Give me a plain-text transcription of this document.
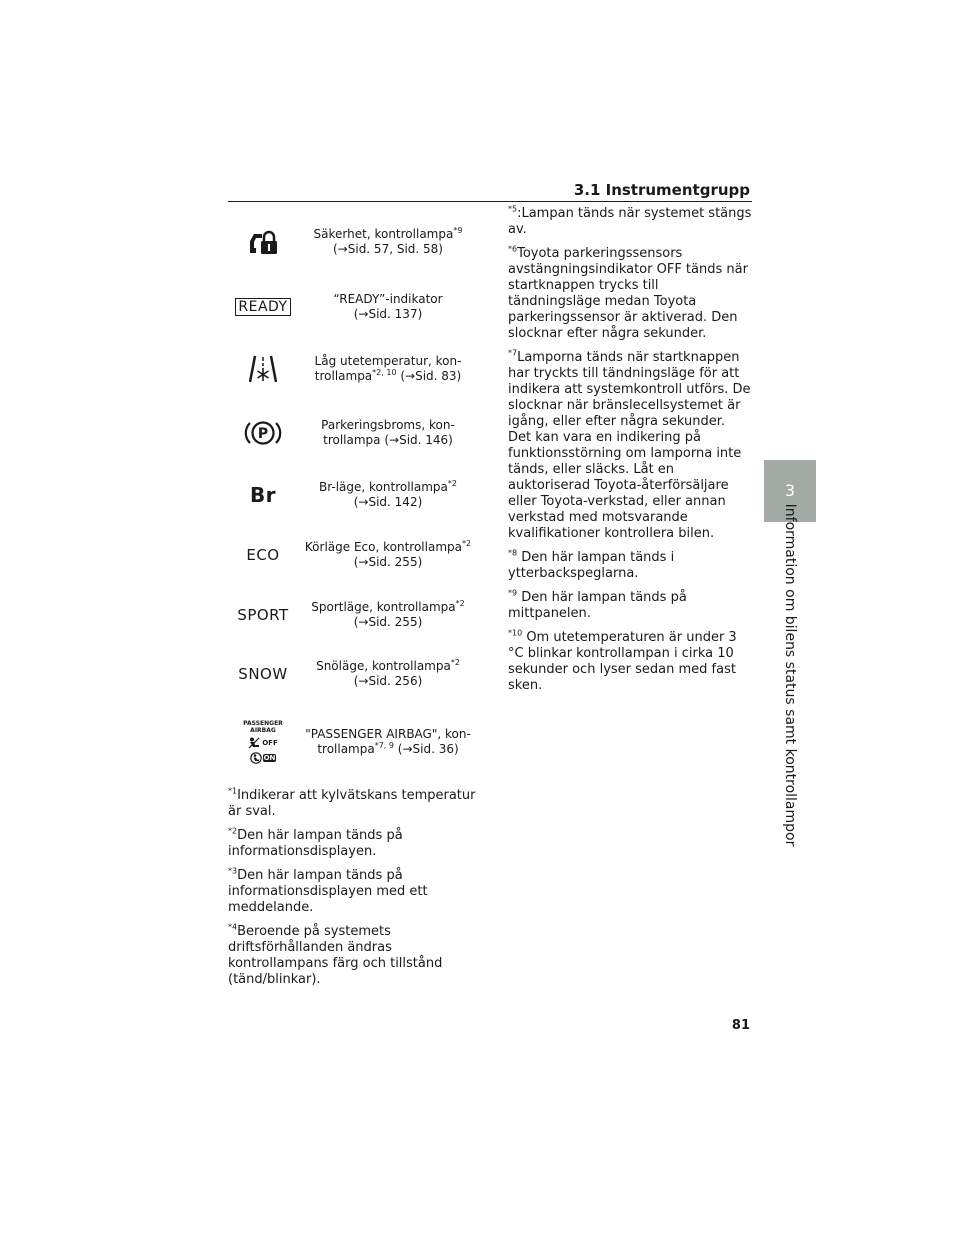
3.1 Instrumentgrupp
3
Information om bilens status samt kontrollampor
Säkerhet, kontrollampa$^{*9}$
(→Sid. 57, Sid. 58)
READY	“READY”-indikator
(→Sid. 137)
Låg utetemperatur, kon-
trollampa$^{*2, 10}$ (→Sid. 83)
P
Parkeringsbroms, kon-
trollampa (→Sid. 146)
Br	Br-läge, kontrollampa$^{*2}$
(→Sid. 142)
ECO	Körläge Eco, kontrollampa$^{*2}$
(→Sid. 255)
SPORT	Sportläge, kontrollampa$^{*2}$
(→Sid. 255)
SNOW	Snöläge, kontrollampa$^{*2}$
(→Sid. 256)
PASSENGER
AIRBAG
OFF
ON
"PASSENGER AIRBAG", kon-
trollampa$^{*7, 9}$ (→Sid. 36)
$^{*1}$Indikerar att kylvätskans temperatur är sval.
$^{*2}$Den här lampan tänds på informationsdisplayen.
$^{*3}$Den här lampan tänds på informationsdisplayen med ett meddelande.
$^{*4}$Beroende på systemets driftsförhållanden ändras kontrollampans färg och tillstånd (tänd/blinkar).
$^{*5}$:Lampan tänds när systemet stängs av.
$^{*6}$Toyota parkeringssensors avstängningsindikator OFF tänds när startknappen trycks till tändningsläge medan Toyota parkeringssensor är aktiverad. Den slocknar efter några sekunder.
$^{*7}$Lamporna tänds när startknappen har tryckts till tändningsläge för att indikera att systemkontroll utförs. De slocknar när bränslecellsystemet är igång, eller efter några sekunder. Det kan vara en indikering på funktionsstörning om lamporna inte tänds, eller släcks. Låt en auktoriserad Toyota-återförsäljare eller Toyota-verkstad, eller annan verkstad med motsvarande kvalifikationer kontrollera bilen.
$^{*8}$ Den här lampan tänds i ytterbackspeglarna.
$^{*9}$ Den här lampan tänds på mittpanelen.
$^{*10}$ Om utetemperaturen är under 3 °C blinkar kontrollampan i cirka 10 sekunder och lyser sedan med fast sken.
81
